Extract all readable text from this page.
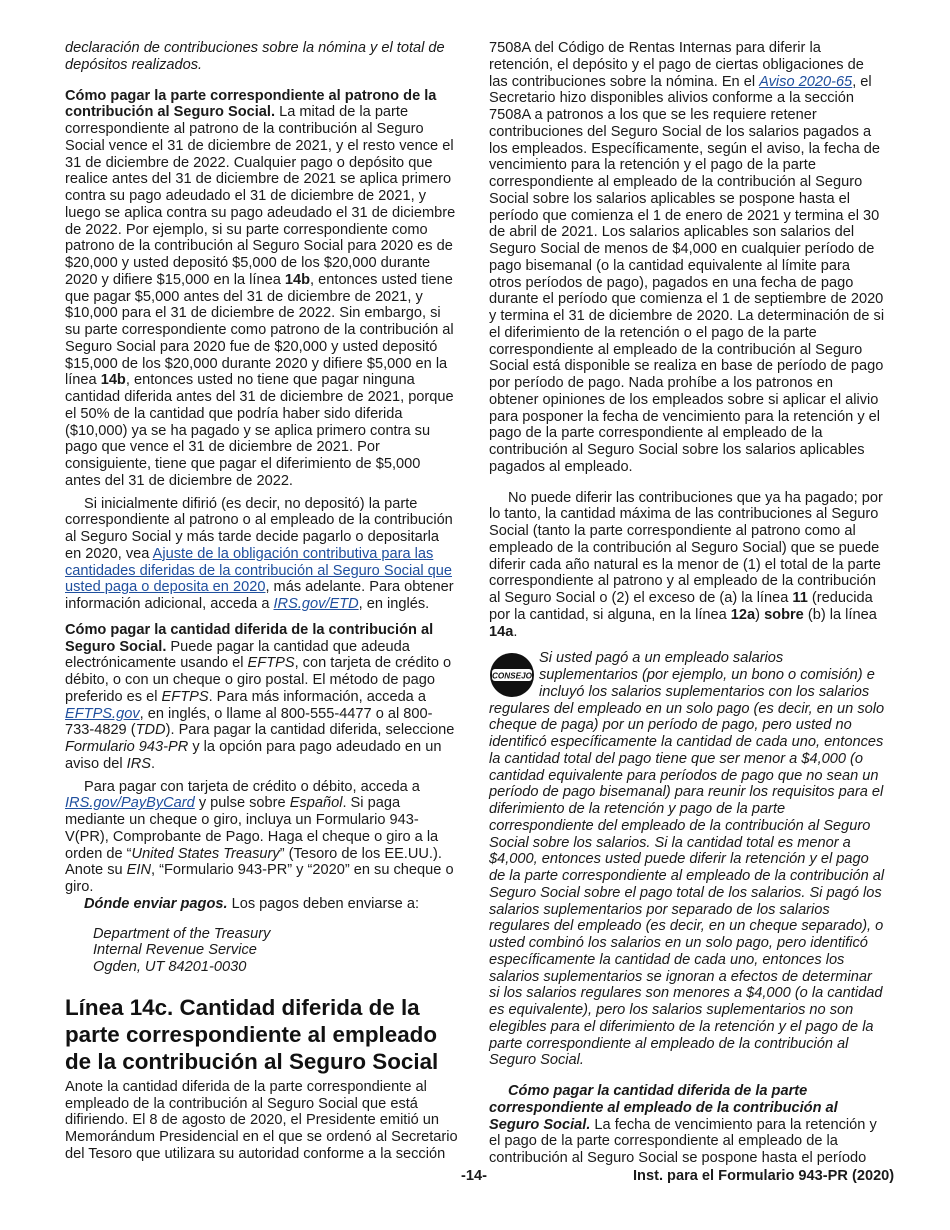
declaración de contribuciones sobre la nómina y el total de depósitos realizados.

Cómo pagar la parte correspondiente al patrono de la contribución al Seguro Social. La mitad de la parte correspondiente al patrono de la contribución al Seguro Social vence el 31 de diciembre de 2021, y el resto vence el 31 de diciembre de 2022. Cualquier pago o depósito que realice antes del 31 de diciembre de 2021 se aplica primero contra su pago adeudado el 31 de diciembre de 2021, y luego se aplica contra su pago adeudado el 31 de diciembre de 2022. Por ejemplo, si su parte correspondiente como patrono de la contribución al Seguro Social para 2020 es de $20,000 y usted depositó $5,000 de los $20,000 durante 2020 y difiere $15,000 en la línea 14b, entonces usted tiene que pagar $5,000 antes del 31 de diciembre de 2021, y $10,000 para el 31 de diciembre de 2022. Sin embargo, si su parte correspondiente como patrono de la contribución al Seguro Social para 2020 fue de $20,000 y usted depositó $15,000 de los $20,000 durante 2020 y difiere $5,000 en la línea 14b, entonces usted no tiene que pagar ninguna cantidad diferida antes del 31 de diciembre de 2021, porque el 50% de la cantidad que podría haber sido diferida ($10,000) ya se ha pagado y se aplica primero contra su pago que vence el 31 de diciembre de 2021. Por consiguiente, tiene que pagar el diferimiento de $5,000 antes del 31 de diciembre de 2022.

Si inicialmente difirió (es decir, no depositó) la parte correspondiente al patrono o al empleado de la contribución al Seguro Social y más tarde decide pagarlo o depositarla en 2020, vea Ajuste de la obligación contributiva para las cantidades diferidas de la contribución al Seguro Social que usted paga o deposita en 2020, más adelante. Para obtener información adicional, acceda a IRS.gov/ETD, en inglés.

Cómo pagar la cantidad diferida de la contribución al Seguro Social. Puede pagar la cantidad que adeuda electrónicamente usando el EFTPS, con tarjeta de crédito o débito, o con un cheque o giro postal. El método de pago preferido es el EFTPS. Para más información, acceda a EFTPS.gov, en inglés, o llame al 800-555-4477 o al 800-733-4829 (TDD). Para pagar la cantidad diferida, seleccione Formulario 943-PR y la opción para pago adeudado en un aviso del IRS.

Para pagar con tarjeta de crédito o débito, acceda a IRS.gov/PayByCard y pulse sobre Español. Si paga mediante un cheque o giro, incluya un Formulario 943-V(PR), Comprobante de Pago. Haga el cheque o giro a la orden de “United States Treasury” (Tesoro de los EE.UU.). Anote su EIN, “Formulario 943-PR” y “2020” en su cheque o giro.

Dónde enviar pagos. Los pagos deben enviarse a:

Department of the Treasury
Internal Revenue Service
Ogden, UT 84201-0030
Línea 14c. Cantidad diferida de la parte correspondiente al empleado de la contribución al Seguro Social

Anote la cantidad diferida de la parte correspondiente al empleado de la contribución al Seguro Social que está difiriendo. El 8 de agosto de 2020, el Presidente emitió un Memorándum Presidencial en el que se ordenó al Secretario del Tesoro que utilizara su autoridad conforme a la sección

7508A del Código de Rentas Internas para diferir la retención, el depósito y el pago de ciertas obligaciones de las contribuciones sobre la nómina. En el Aviso 2020-65, el Secretario hizo disponibles alivios conforme a la sección 7508A a patronos a los que se les requiere retener contribuciones del Seguro Social de los salarios pagados a los empleados. Específicamente, según el aviso, la fecha de vencimiento para la retención y el pago de la parte correspondiente al empleado de la contribución al Seguro Social sobre los salarios aplicables se pospone hasta el período que comienza el 1 de enero de 2021 y termina el 30 de abril de 2021. Los salarios aplicables son salarios del Seguro Social de menos de $4,000 en cualquier período de pago bisemanal (o la cantidad equivalente al límite para otros períodos de pago), pagados en una fecha de pago durante el período que comienza el 1 de septiembre de 2020 y termina el 31 de diciembre de 2020. La determinación de si el diferimiento de la retención o el pago de la parte correspondiente al empleado de la contribución al Seguro Social está disponible se realiza en base de período de pago por período de pago. Nada prohíbe a los patronos en obtener opiniones de los empleados sobre si aplicar el alivio para posponer la fecha de vencimiento para la retención y el pago de la parte correspondiente al empleado de la contribución al Seguro Social sobre los salarios aplicables pagados al empleado.

No puede diferir las contribuciones que ya ha pagado; por lo tanto, la cantidad máxima de las contribuciones al Seguro Social (tanto la parte correspondiente al patrono como al empleado de la contribución al Seguro Social) que se puede diferir cada año natural es la menor de (1) el total de la parte correspondiente al patrono y al empleado de la contribución al Seguro Social o (2) el exceso de (a) la línea 11 (reducida por la cantidad, si alguna, en la línea 12a) sobre (b) la línea 14a.

CONSEJO
Si usted pagó a un empleado salarios suplementarios (por ejemplo, un bono o comisión) e incluyó los salarios suplementarios con los salarios regulares del empleado en un solo pago (es decir, en un solo cheque de paga) por un período de pago, pero usted no identificó específicamente la cantidad de cada uno, entonces la cantidad total del pago tiene que ser menor a $4,000 (o cantidad equivalente para períodos de pago que no sean un período de pago bisemanal) para reunir los requisitos para el diferimiento de la retención y pago de la parte correspondiente del empleado de la contribución al Seguro Social sobre los salarios. Si la cantidad total es menor a $4,000, entonces usted puede diferir la retención y el pago de la parte correspondiente al empleado de la contribución al Seguro Social sobre el pago total de los salarios. Si pagó los salarios suplementarios por separado de los salarios regulares del empleado (es decir, en un cheque separado), o usted combinó los salarios en un solo pago, pero identificó específicamente la cantidad de cada uno, entonces los salarios suplementarios se ignoran a efectos de determinar si los salarios regulares son menores a $4,000 (o la cantidad es equivalente), pero los salarios suplementarios no son elegibles para el diferimiento de la retención y el pago de la parte correspondiente al empleado de la contribución al Seguro Social.

Cómo pagar la cantidad diferida de la parte correspondiente al empleado de la contribución al Seguro Social. La fecha de vencimiento para la retención y el pago de la parte correspondiente al empleado de la contribución al Seguro Social se pospone hasta el período

-14-	Inst. para el Formulario 943-PR (2020)
